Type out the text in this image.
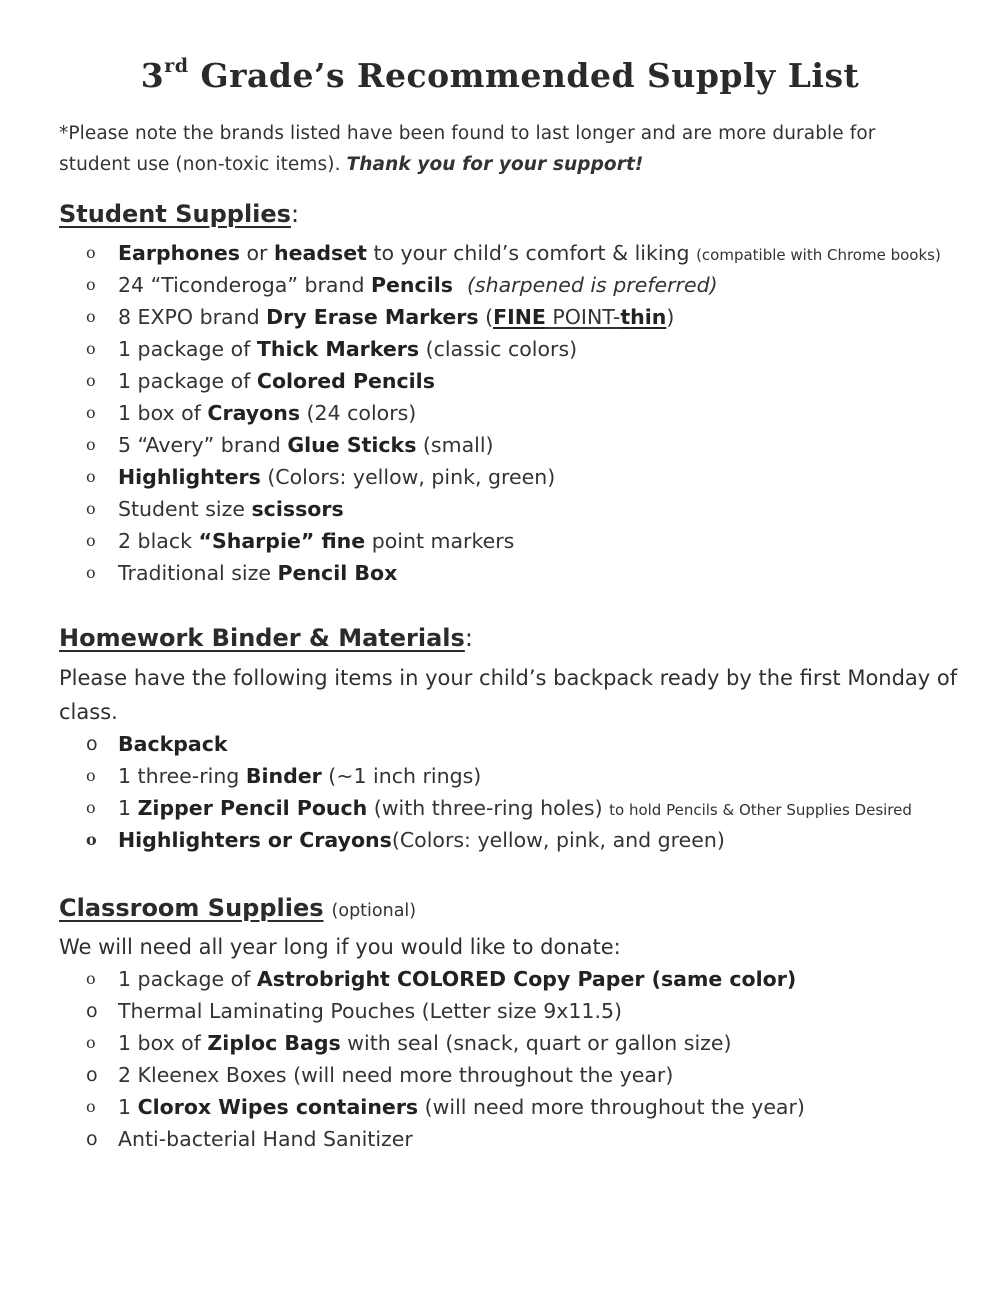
3rd Grade’s Recommended Supply List
*Please note the brands listed have been found to last longer and are more durable for student use (non-toxic items). Thank you for your support!
Student Supplies:
o Earphones or headset to your child’s comfort & liking (compatible with Chrome books)
o 24 “Ticonderoga” brand Pencils (sharpened is preferred)
o 8 EXPO brand Dry Erase Markers (FINE POINT-thin)
o 1 package of Thick Markers (classic colors)
o 1 package of Colored Pencils
o 1 box of Crayons (24 colors)
o 5 “Avery” brand Glue Sticks (small)
o Highlighters (Colors: yellow, pink, green)
o Student size scissors
o 2 black “Sharpie” fine point markers
o Traditional size Pencil Box
Homework Binder & Materials:
Please have the following items in your child’s backpack ready by the first Monday of class.
o Backpack
o 1 three-ring Binder (~1 inch rings)
o 1 Zipper Pencil Pouch (with three-ring holes) to hold Pencils & Other Supplies Desired
o Highlighters or Crayons(Colors: yellow, pink, and green)
Classroom Supplies (optional)
We will need all year long if you would like to donate:
o 1 package of Astrobright COLORED Copy Paper (same color)
o Thermal Laminating Pouches (Letter size 9x11.5)
o 1 box of Ziploc Bags with seal (snack, quart or gallon size)
o 2 Kleenex Boxes (will need more throughout the year)
o 1 Clorox Wipes containers (will need more throughout the year)
o Anti-bacterial Hand Sanitizer
